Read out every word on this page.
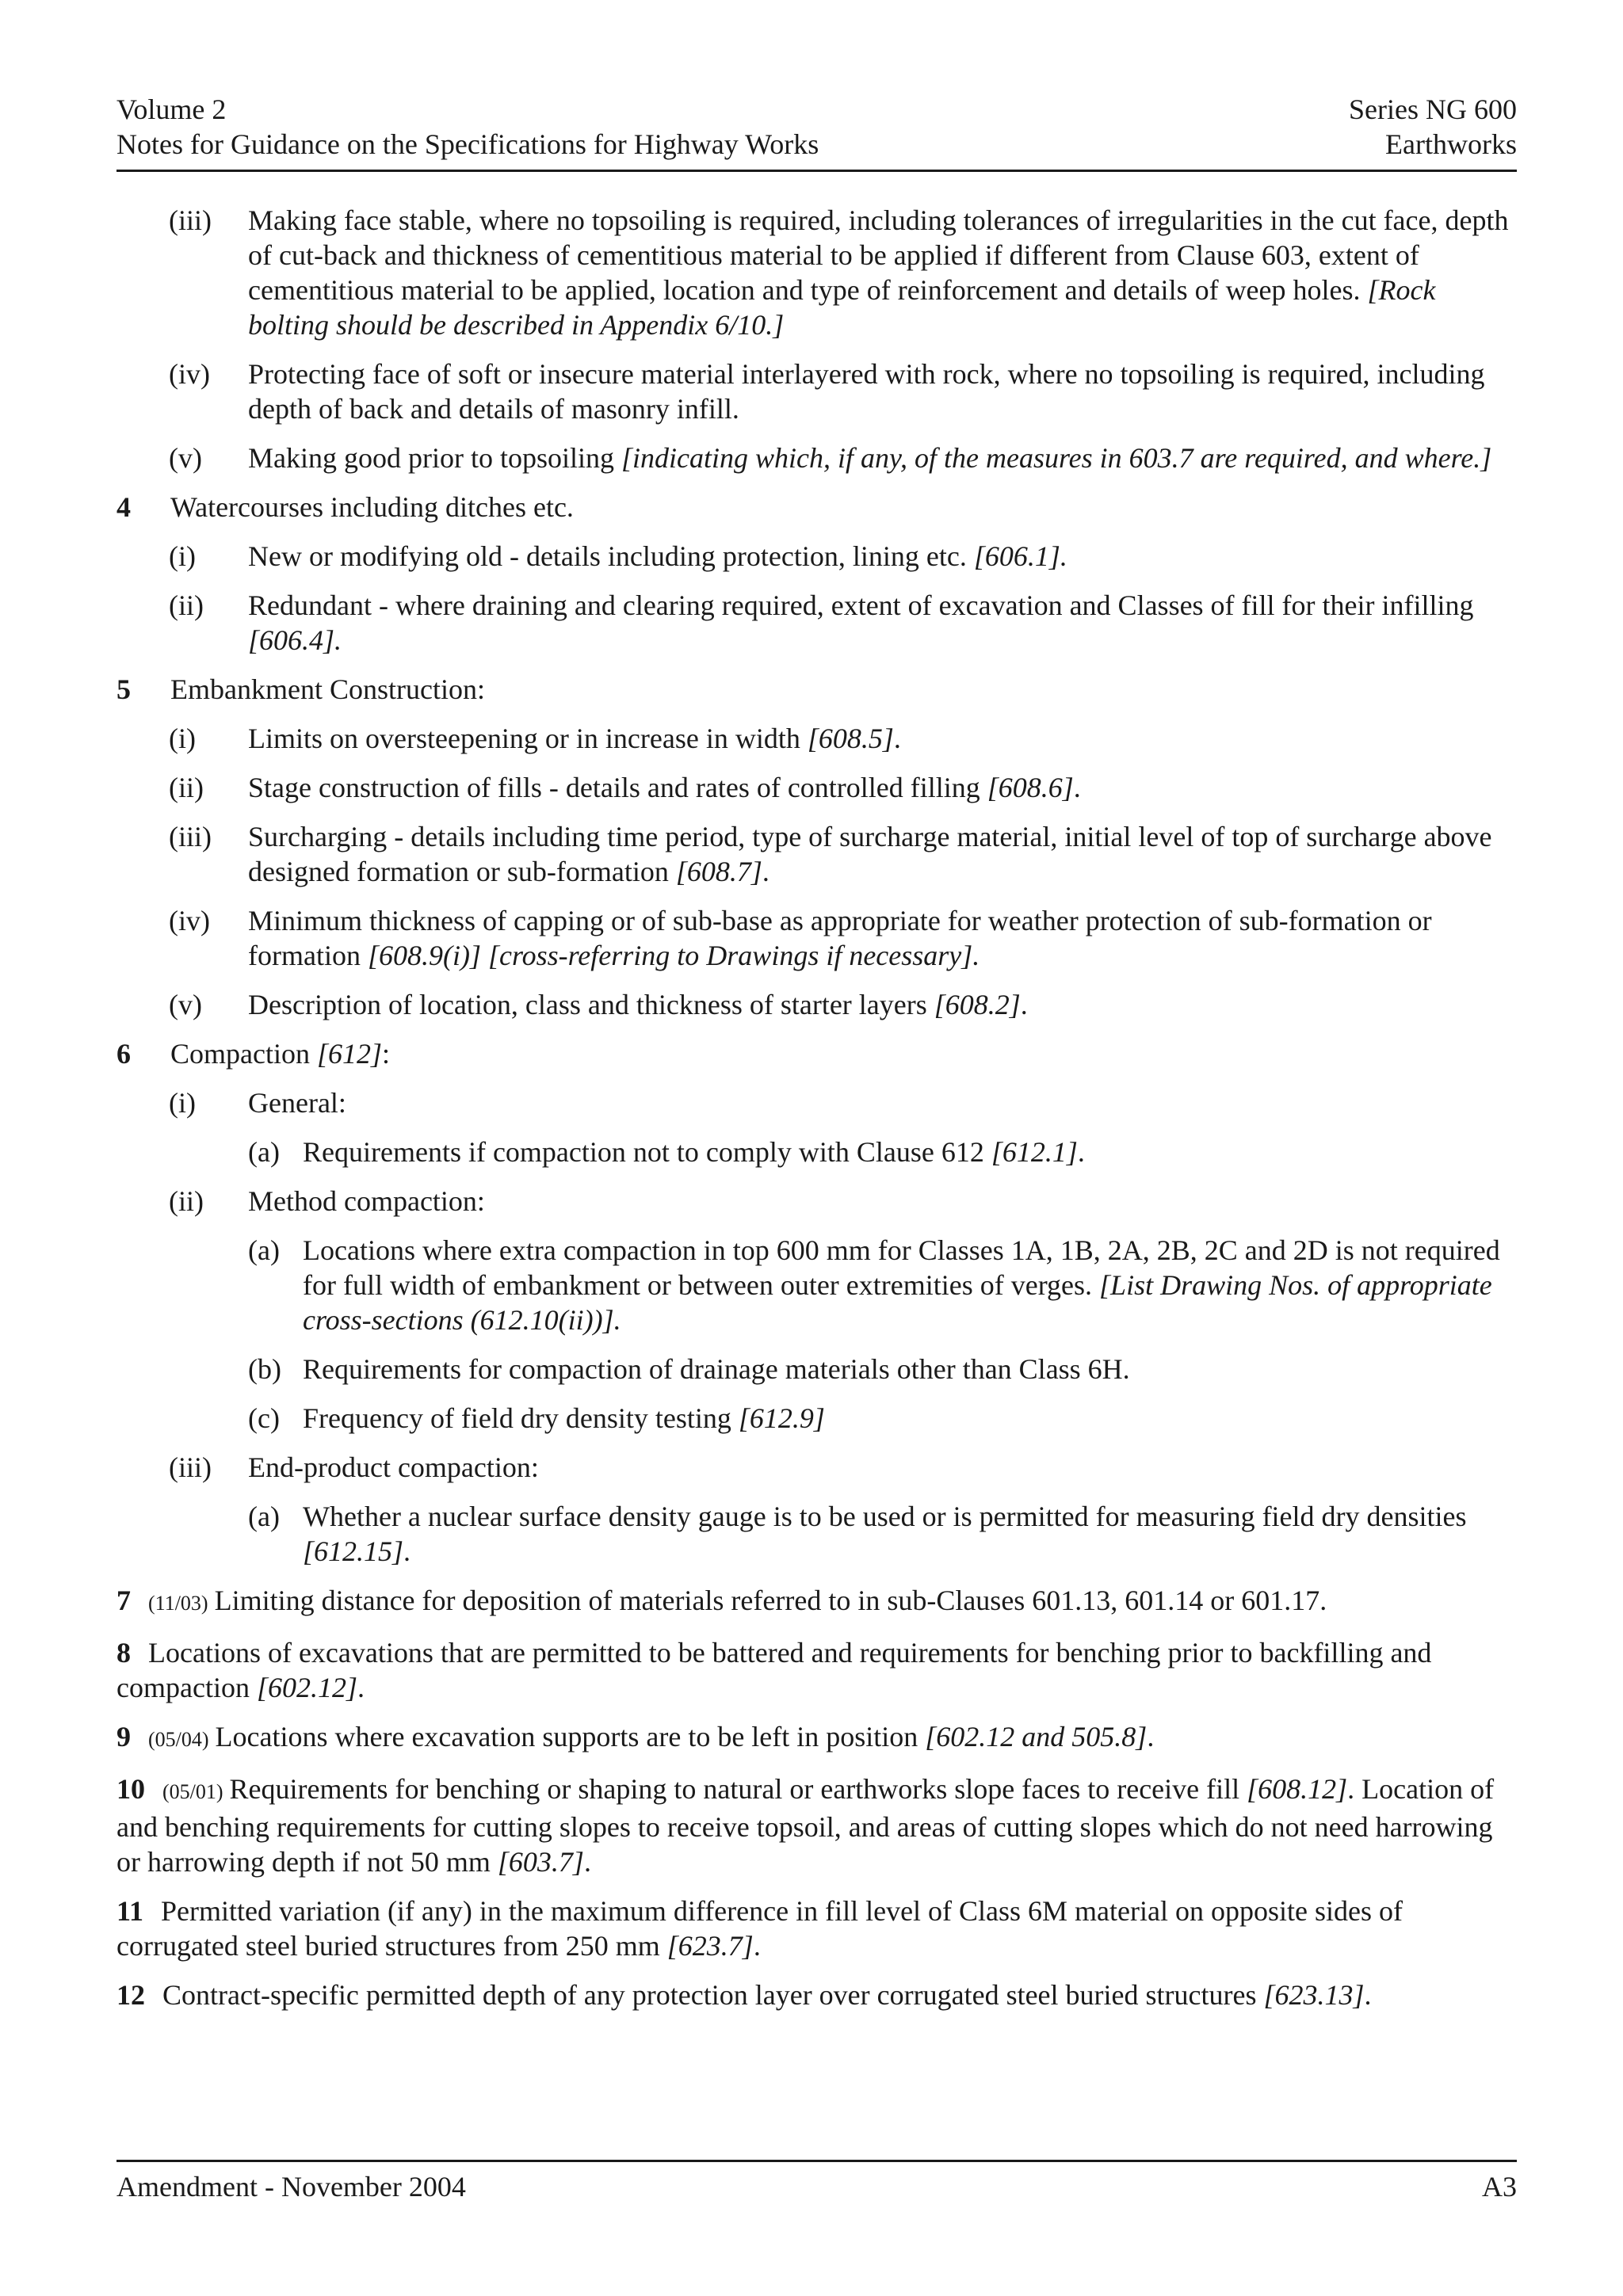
Volume 2
Notes for Guidance on the Specifications for Highway Works
Series NG 600
Earthworks
(iii) Making face stable, where no topsoiling is required, including tolerances of irregularities in the cut face, depth of cut-back and thickness of cementitious material to be applied if different from Clause 603, extent of cementitious material to be applied, location and type of reinforcement and details of weep holes. [Rock bolting should be described in Appendix 6/10.]
(iv) Protecting face of soft or insecure material interlayered with rock, where no topsoiling is required, including depth of back and details of masonry infill.
(v) Making good prior to topsoiling [indicating which, if any, of the measures in 603.7 are required, and where.]
4 Watercourses including ditches etc.
(i) New or modifying old - details including protection, lining etc. [606.1].
(ii) Redundant - where draining and clearing required, extent of excavation and Classes of fill for their infilling [606.4].
5 Embankment Construction:
(i) Limits on oversteepening or in increase in width [608.5].
(ii) Stage construction of fills - details and rates of controlled filling [608.6].
(iii) Surcharging - details including time period, type of surcharge material, initial level of top of surcharge above designed formation or sub-formation [608.7].
(iv) Minimum thickness of capping or of sub-base as appropriate for weather protection of sub-formation or formation [608.9(i)] [cross-referring to Drawings if necessary].
(v) Description of location, class and thickness of starter layers [608.2].
6 Compaction [612]:
(i) General:
(a) Requirements if compaction not to comply with Clause 612 [612.1].
(ii) Method compaction:
(a) Locations where extra compaction in top 600 mm for Classes 1A, 1B, 2A, 2B, 2C and 2D is not required for full width of embankment or between outer extremities of verges. [List Drawing Nos. of appropriate cross-sections (612.10(ii))].
(b) Requirements for compaction of drainage materials other than Class 6H.
(c) Frequency of field dry density testing [612.9]
(iii) End-product compaction:
(a) Whether a nuclear surface density gauge is to be used or is permitted for measuring field dry densities [612.15].
7 (11/03) Limiting distance for deposition of materials referred to in sub-Clauses 601.13, 601.14 or 601.17.
8 Locations of excavations that are permitted to be battered and requirements for benching prior to backfilling and compaction [602.12].
9 (05/04) Locations where excavation supports are to be left in position [602.12 and 505.8].
10 (05/01) Requirements for benching or shaping to natural or earthworks slope faces to receive fill [608.12]. Location of and benching requirements for cutting slopes to receive topsoil, and areas of cutting slopes which do not need harrowing or harrowing depth if not 50 mm [603.7].
11 Permitted variation (if any) in the maximum difference in fill level of Class 6M material on opposite sides of corrugated steel buried structures from 250 mm [623.7].
12 Contract-specific permitted depth of any protection layer over corrugated steel buried structures [623.13].
Amendment - November 2004	A3
